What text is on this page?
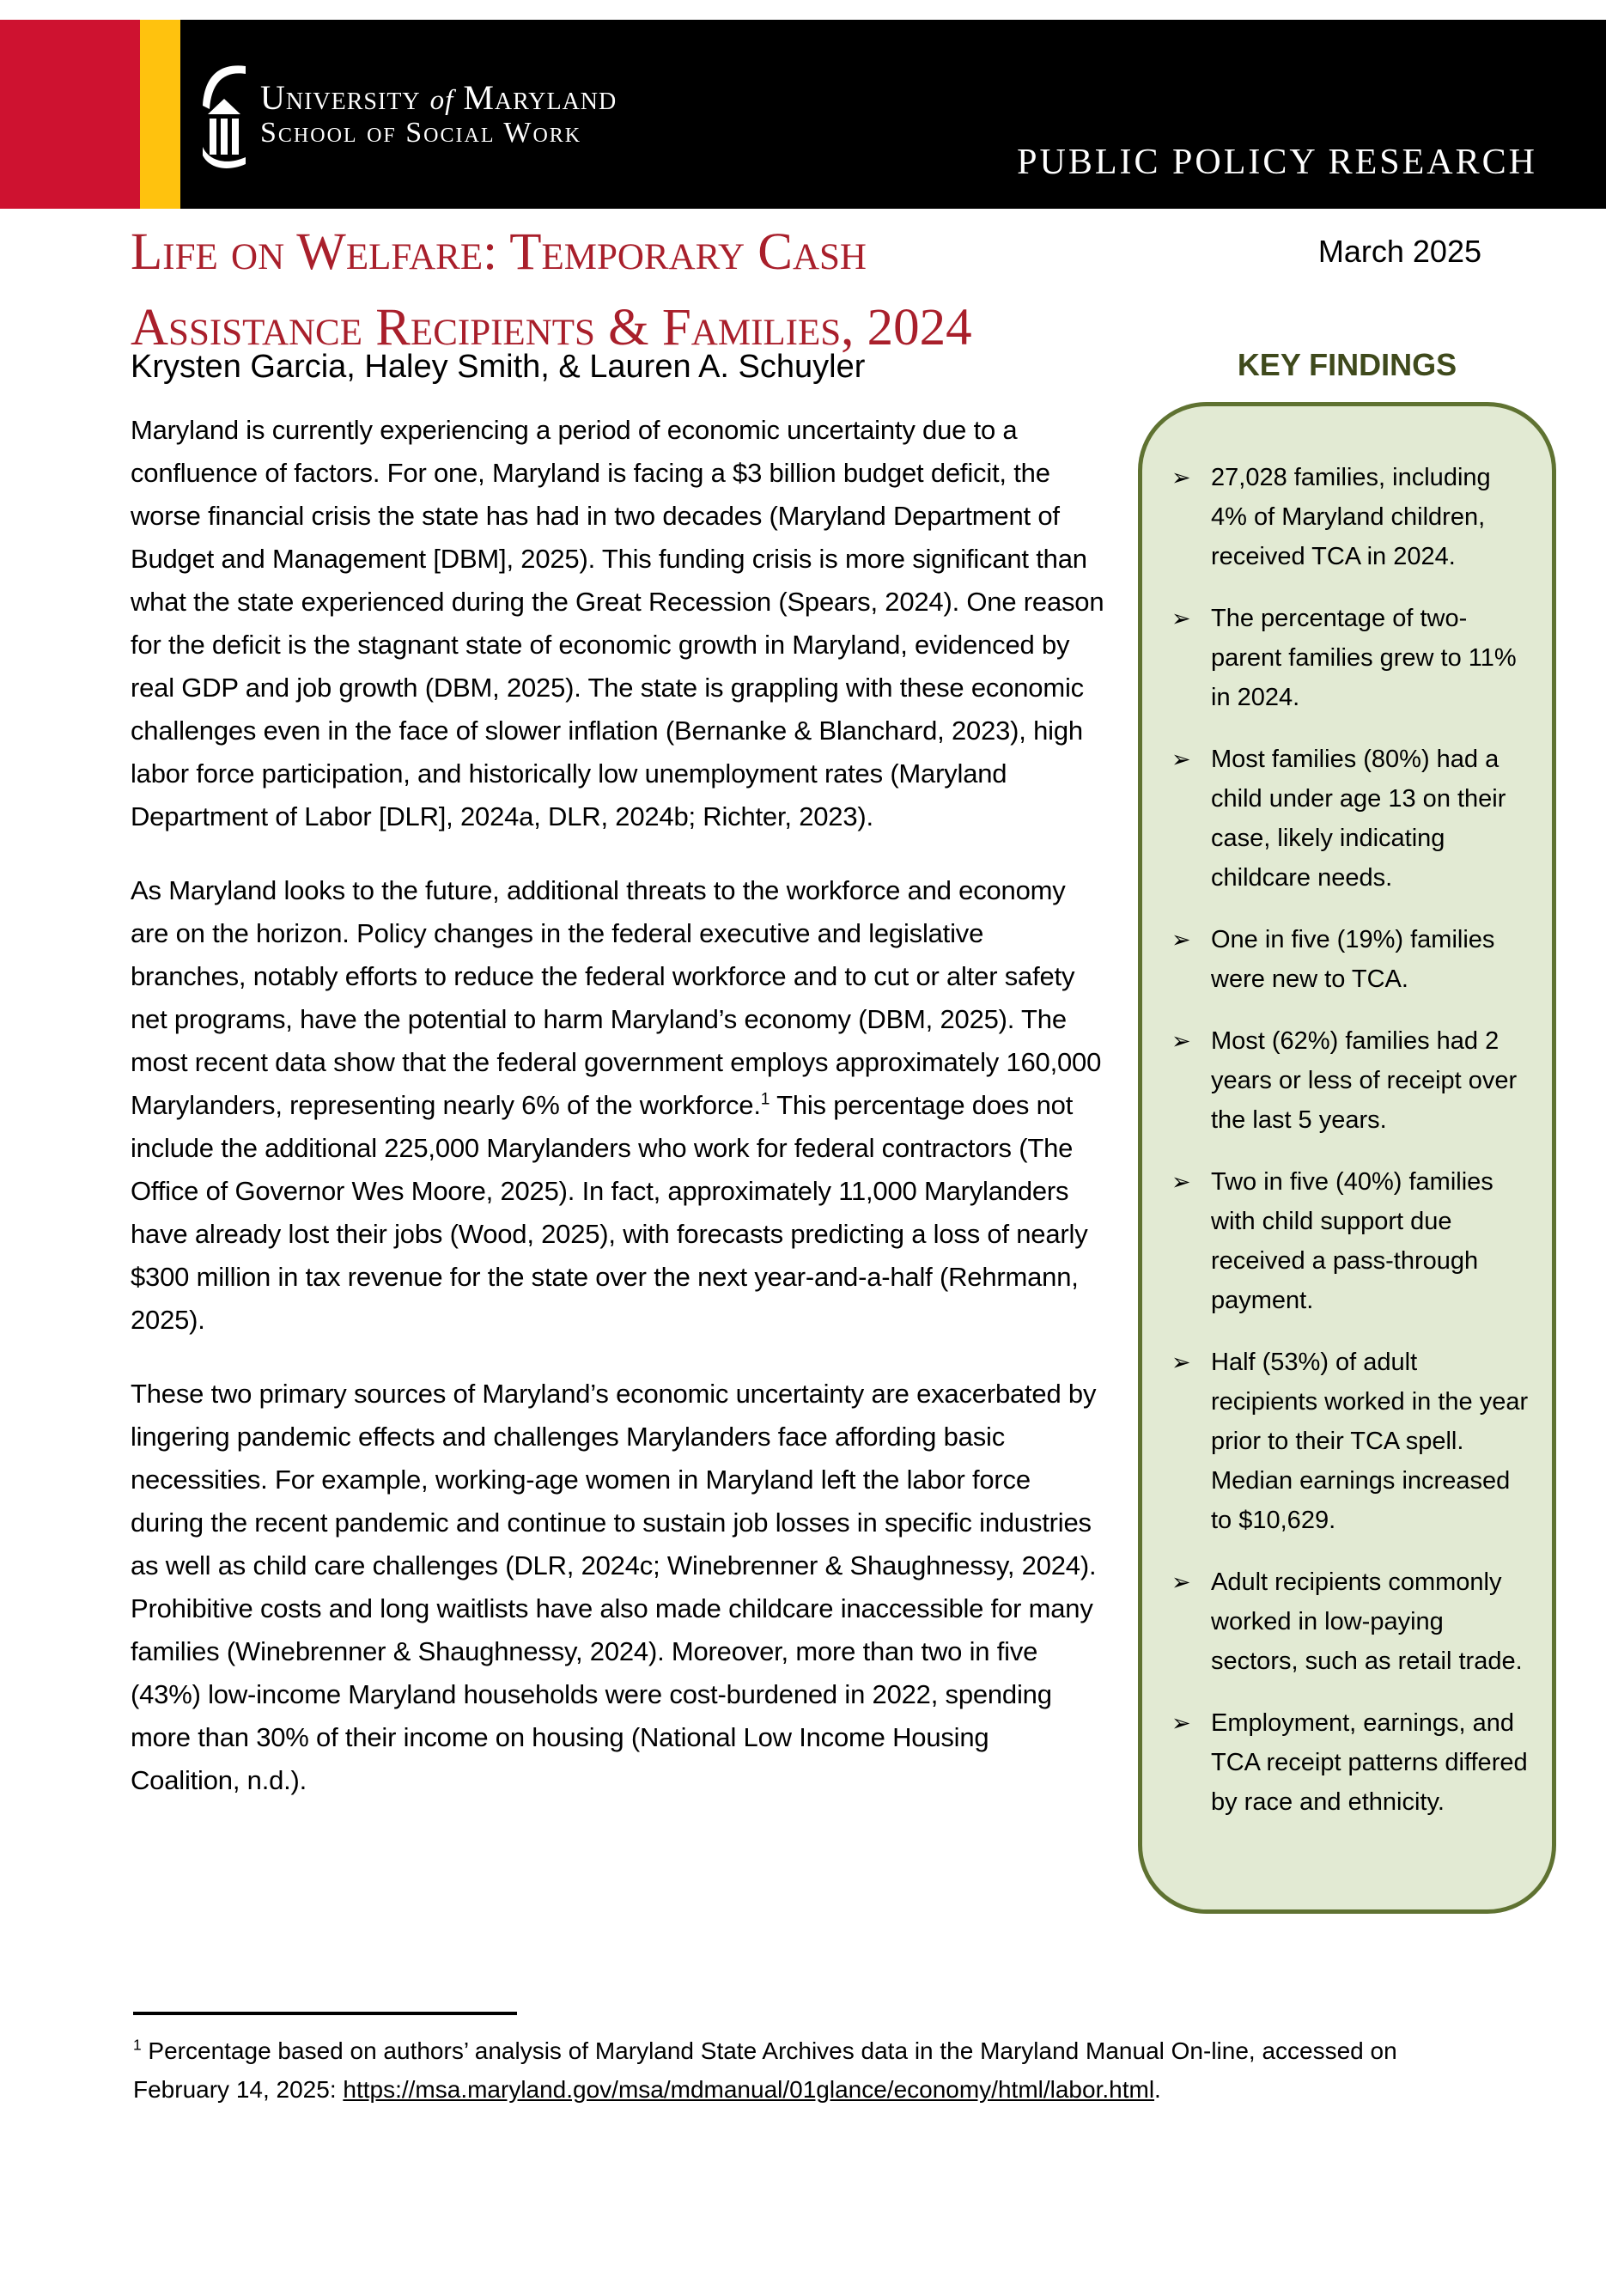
University of Maryland
School of Social Work
PUBLIC POLICY RESEARCH
Life on Welfare: Temporary Cash
Assistance Recipients & Families, 2024
March 2025
Krysten Garcia, Haley Smith, & Lauren A. Schuyler

Maryland is currently experiencing a period of economic uncertainty due to a confluence of factors. For one, Maryland is facing a $3 billion budget deficit, the worse financial crisis the state has had in two decades (Maryland Department of Budget and Management [DBM], 2025). This funding crisis is more significant than what the state experienced during the Great Recession (Spears, 2024). One reason for the deficit is the stagnant state of economic growth in Maryland, evidenced by real GDP and job growth (DBM, 2025). The state is grappling with these economic challenges even in the face of slower inflation (Bernanke & Blanchard, 2023), high labor force participation, and historically low unemployment rates (Maryland Department of Labor [DLR], 2024a, DLR, 2024b; Richter, 2023).

As Maryland looks to the future, additional threats to the workforce and economy are on the horizon. Policy changes in the federal executive and legislative branches, notably efforts to reduce the federal workforce and to cut or alter safety net programs, have the potential to harm Maryland’s economy (DBM, 2025). The most recent data show that the federal government employs approximately 160,000 Marylanders, representing nearly 6% of the workforce.$^1$ This percentage does not include the additional 225,000 Marylanders who work for federal contractors (The Office of Governor Wes Moore, 2025). In fact, approximately 11,000 Marylanders have already lost their jobs (Wood, 2025), with forecasts predicting a loss of nearly $300 million in tax revenue for the state over the next year-and-a-half (Rehrmann, 2025).

These two primary sources of Maryland’s economic uncertainty are exacerbated by lingering pandemic effects and challenges Marylanders face affording basic necessities. For example, working-age women in Maryland left the labor force during the recent pandemic and continue to sustain job losses in specific industries as well as child care challenges (DLR, 2024c; Winebrenner & Shaughnessy, 2024). Prohibitive costs and long waitlists have also made childcare inaccessible for many families (Winebrenner & Shaughnessy, 2024). Moreover, more than two in five (43%) low-income Maryland households were cost-burdened in 2022, spending more than 30% of their income on housing (National Low Income Housing Coalition, n.d.).

KEY FINDINGS
➢ 27,028 families, including 4% of Maryland children, received TCA in 2024.
➢ The percentage of two-parent families grew to 11% in 2024.
➢ Most families (80%) had a child under age 13 on their case, likely indicating childcare needs.
➢ One in five (19%) families were new to TCA.
➢ Most (62%) families had 2 years or less of receipt over the last 5 years.
➢ Two in five (40%) families with child support due received a pass-through payment.
➢ Half (53%) of adult recipients worked in the year prior to their TCA spell. Median earnings increased to $10,629.
➢ Adult recipients commonly worked in low-paying sectors, such as retail trade.
➢ Employment, earnings, and TCA receipt patterns differed by race and ethnicity.
$^1$ Percentage based on authors’ analysis of Maryland State Archives data in the Maryland Manual On-line, accessed on February 14, 2025: https://msa.maryland.gov/msa/mdmanual/01glance/economy/html/labor.html.
